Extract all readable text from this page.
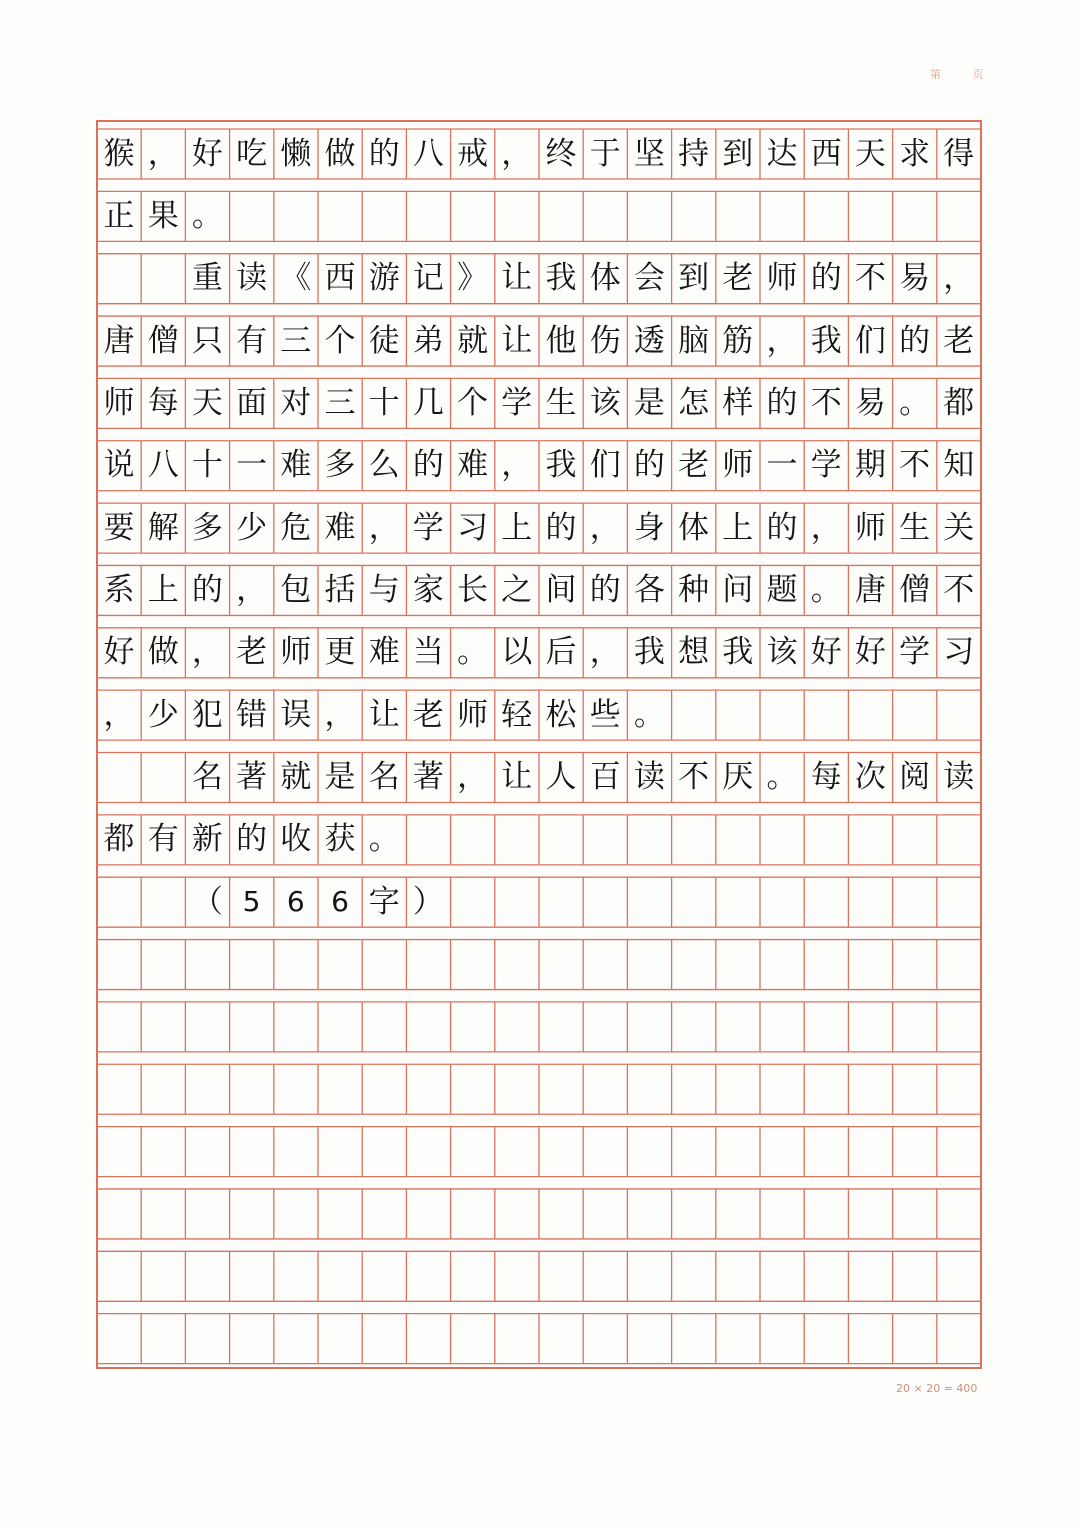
第 页
猴 ， 好 吃 懒 做 的 八 戒 ， 终 于 坚 持 到 达 西 天 求 得
正 果 。
重 读 《 西 游 记 》 让 我 体 会 到 老 师 的 不 易 ，
唐 僧 只 有 三 个 徒 弟 就 让 他 伤 透 脑 筋 ， 我 们 的 老
师 每 天 面 对 三 十 几 个 学 生 该 是 怎 样 的 不 易 。 都
说 八 十 一 难 多 么 的 难 ， 我 们 的 老 师 一 学 期 不 知
要 解 多 少 危 难 ， 学 习 上 的 ， 身 体 上 的 ， 师 生 关
系 上 的 ， 包 括 与 家 长 之 间 的 各 种 问 题 。 唐 僧 不
好 做 ， 老 师 更 难 当 。 以 后 ， 我 想 我 该 好 好 学 习
， 少 犯 错 误 ， 让 老 师 轻 松 些 。
名 著 就 是 名 著 ， 让 人 百 读 不 厌 。 每 次 阅 读
都 有 新 的 收 获 。
（ 5 6 6 字 ）
20 × 20 = 400
